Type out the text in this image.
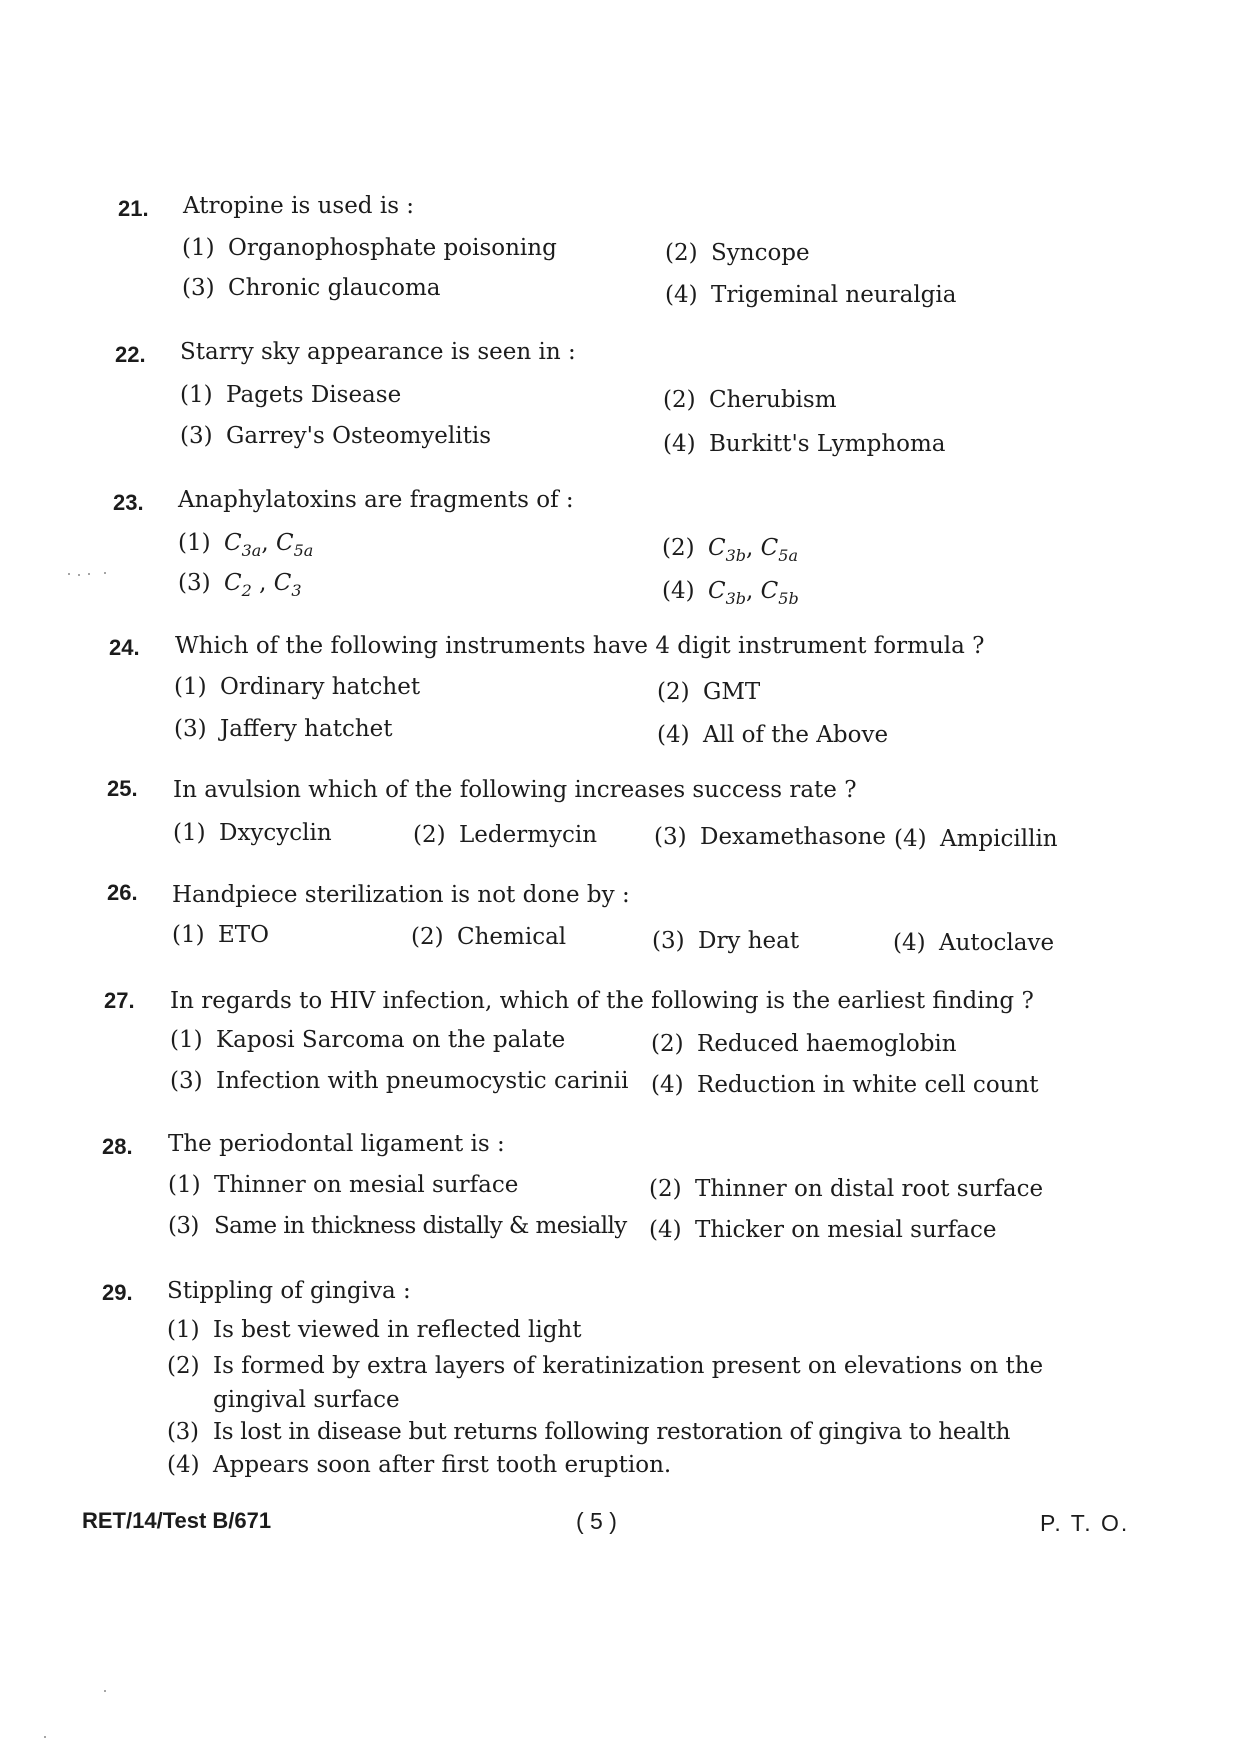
21. Atropine is used is :
(1) Organophosphate poisoning	(2) Syncope
(3) Chronic glaucoma	(4) Trigeminal neuralgia
22. Starry sky appearance is seen in :
(1) Pagets Disease	(2) Cherubism
(3) Garrey's Osteomyelitis	(4) Burkitt's Lymphoma
23. Anaphylatoxins are fragments of :
(1) $C_{3a}$, $C_{5a}$	(2) $C_{3b}$, $C_{5a}$
(3) $C_2$ , $C_3$	(4) $C_{3b}$, $C_{5b}$
24. Which of the following instruments have 4 digit instrument formula ?
(1) Ordinary hatchet	(2) GMT
(3) Jaffery hatchet	(4) All of the Above
25. In avulsion which of the following increases success rate ?
(1) Dxycyclin	(2) Ledermycin (3) Dexamethasone (4) Ampicillin
26. Handpiece sterilization is not done by :
(1) ETO	(2) Chemical	(3) Dry heat	(4) Autoclave
27. In regards to HIV infection, which of the following is the earliest finding ?
(1) Kaposi Sarcoma on the palate	(2) Reduced haemoglobin
(3) Infection with pneumocystic carinii (4) Reduction in white cell count
28. The periodontal ligament is :
(1) Thinner on mesial surface	(2) Thinner on distal root surface
(3) Same in thickness distally & mesially (4) Thicker on mesial surface
29. Stippling of gingiva :
(1) Is best viewed in reflected light
(2) Is formed by extra layers of keratinization present on elevations on the
gingival surface
(3) Is lost in disease but returns following restoration of gingiva to health
(4) Appears soon after first tooth eruption.
RET/14/Test B/671	( 5 )	P. T. O.
